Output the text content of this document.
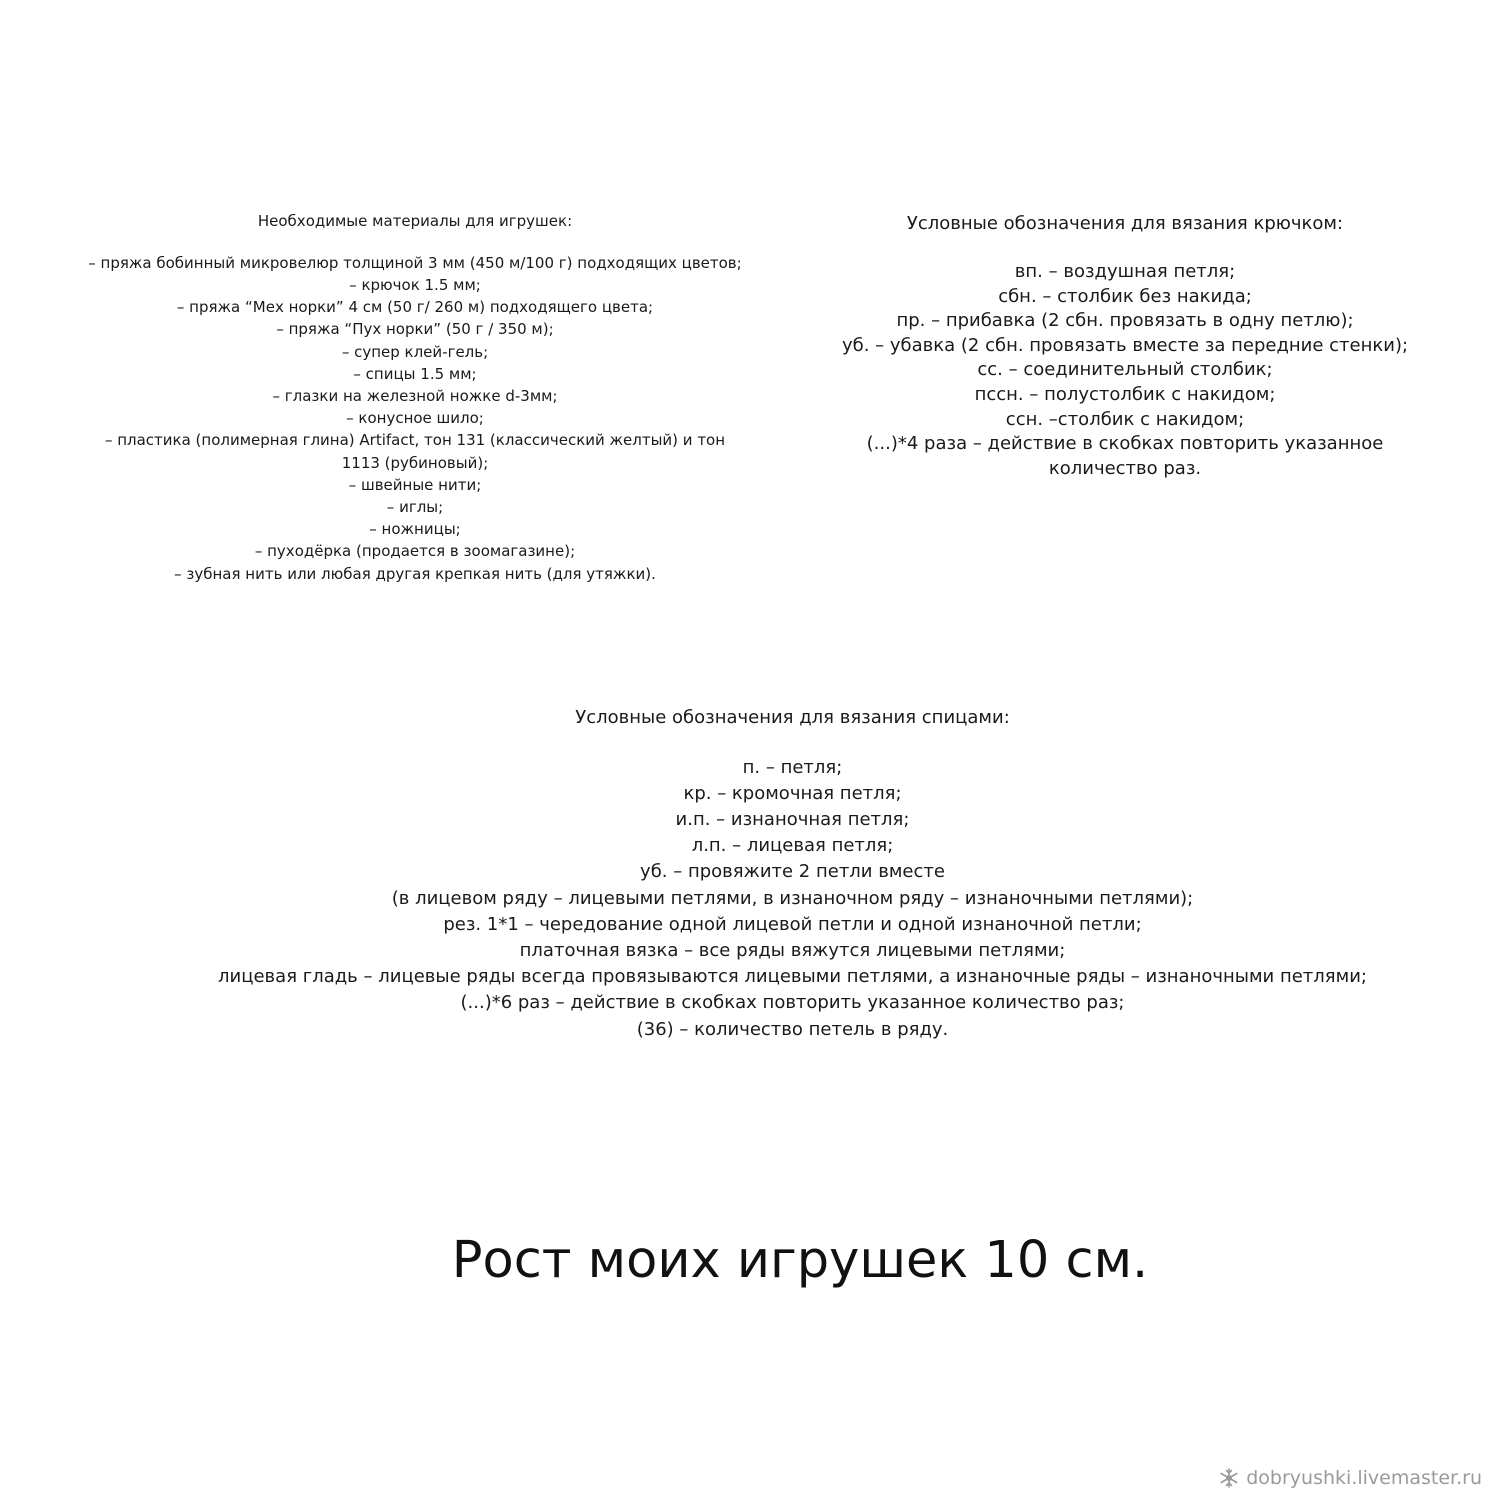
Необходимые материалы для игрушек:
– пряжа бобинный микровелюр толщиной 3 мм (450 м/100 г) подходящих цветов;
– крючок 1.5 мм;
– пряжа “Мех норки” 4 см (50 г/ 260 м) подходящего цвета;
– пряжа “Пух норки” (50 г / 350 м);
– супер клей-гель;
– спицы 1.5 мм;
– глазки на железной ножке d-3мм;
– конусное шило;
– пластика (полимерная глина) Artifact, тон 131 (классический желтый) и тон 1113 (рубиновый);
– швейные нити;
– иглы;
– ножницы;
– пуходёрка (продается в зоомагазине);
– зубная нить или любая другая крепкая нить (для утяжки).
Условные обозначения для вязания крючком:
вп. – воздушная петля;
сбн. – столбик без накида;
пр. – прибавка (2 сбн. провязать в одну петлю);
уб. – убавка (2 сбн. провязать вместе за передние стенки);
сс. – соединительный столбик;
пссн. – полустолбик с накидом;
ссн. –столбик с накидом;
(...)*4 раза – действие в скобках повторить указанное количество раз.
Условные обозначения для вязания спицами:
п. – петля;
кр. – кромочная петля;
и.п. – изнаночная петля;
л.п. – лицевая петля;
уб. – провяжите 2 петли вместе
(в лицевом ряду – лицевыми петлями, в изнаночном ряду – изнаночными петлями);
рез. 1*1 – чередование одной лицевой петли и одной изнаночной петли;
платочная вязка – все ряды вяжутся лицевыми петлями;
лицевая гладь – лицевые ряды всегда провязываются лицевыми петлями, а изнаночные ряды – изнаночными петлями;
(...)*6 раз – действие в скобках повторить указанное количество раз;
(36) – количество петель в ряду.
Рост моих игрушек 10 см.
dobryushki.livemaster.ru
